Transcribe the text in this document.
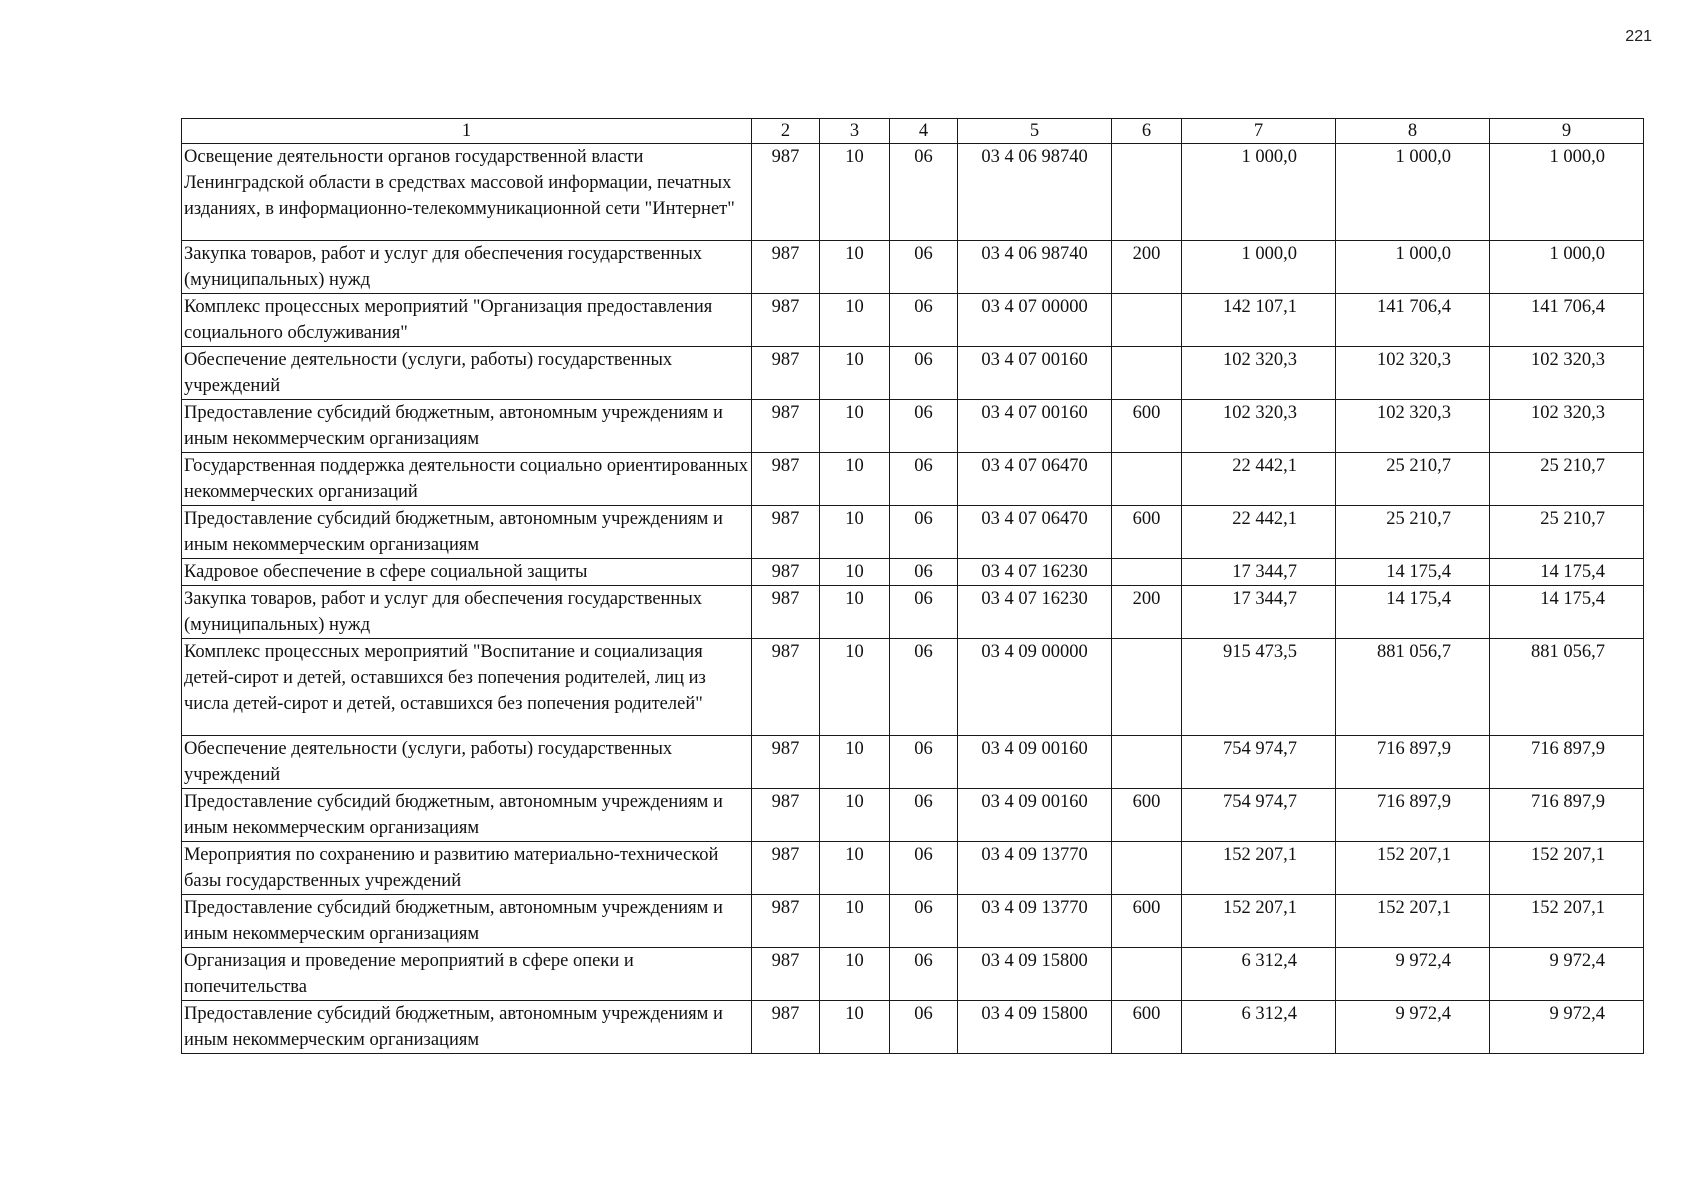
221
1	2	3	4	5	6	7	8	9
Освещение деятельности органов государственной власти Ленинградской области в средствах массовой информации, печатных изданиях, в информационно-телекоммуникационной сети "Интернет"	987	10	06	03 4 06 98740		1 000,0	1 000,0	1 000,0
Закупка товаров, работ и услуг для обеспечения государственных (муниципальных) нужд	987	10	06	03 4 06 98740	200	1 000,0	1 000,0	1 000,0
Комплекс процессных мероприятий "Организация предоставления социального обслуживания"	987	10	06	03 4 07 00000		142 107,1	141 706,4	141 706,4
Обеспечение деятельности (услуги, работы) государственных учреждений	987	10	06	03 4 07 00160		102 320,3	102 320,3	102 320,3
Предоставление субсидий бюджетным, автономным учреждениям и иным некоммерческим организациям	987	10	06	03 4 07 00160	600	102 320,3	102 320,3	102 320,3
Государственная поддержка деятельности социально ориентированных некоммерческих организаций	987	10	06	03 4 07 06470		22 442,1	25 210,7	25 210,7
Предоставление субсидий бюджетным, автономным учреждениям и иным некоммерческим организациям	987	10	06	03 4 07 06470	600	22 442,1	25 210,7	25 210,7
Кадровое обеспечение в сфере социальной защиты	987	10	06	03 4 07 16230		17 344,7	14 175,4	14 175,4
Закупка товаров, работ и услуг для обеспечения государственных (муниципальных) нужд	987	10	06	03 4 07 16230	200	17 344,7	14 175,4	14 175,4
Комплекс процессных мероприятий "Воспитание и социализация детей-сирот и детей, оставшихся без попечения родителей, лиц из числа детей-сирот и детей, оставшихся без попечения родителей"	987	10	06	03 4 09 00000		915 473,5	881 056,7	881 056,7
Обеспечение деятельности (услуги, работы) государственных учреждений	987	10	06	03 4 09 00160		754 974,7	716 897,9	716 897,9
Предоставление субсидий бюджетным, автономным учреждениям и иным некоммерческим организациям	987	10	06	03 4 09 00160	600	754 974,7	716 897,9	716 897,9
Мероприятия по сохранению и развитию материально-технической базы государственных учреждений	987	10	06	03 4 09 13770		152 207,1	152 207,1	152 207,1
Предоставление субсидий бюджетным, автономным учреждениям и иным некоммерческим организациям	987	10	06	03 4 09 13770	600	152 207,1	152 207,1	152 207,1
Организация и проведение мероприятий в сфере опеки и попечительства	987	10	06	03 4 09 15800		6 312,4	9 972,4	9 972,4
Предоставление субсидий бюджетным, автономным учреждениям и иным некоммерческим организациям	987	10	06	03 4 09 15800	600	6 312,4	9 972,4	9 972,4
